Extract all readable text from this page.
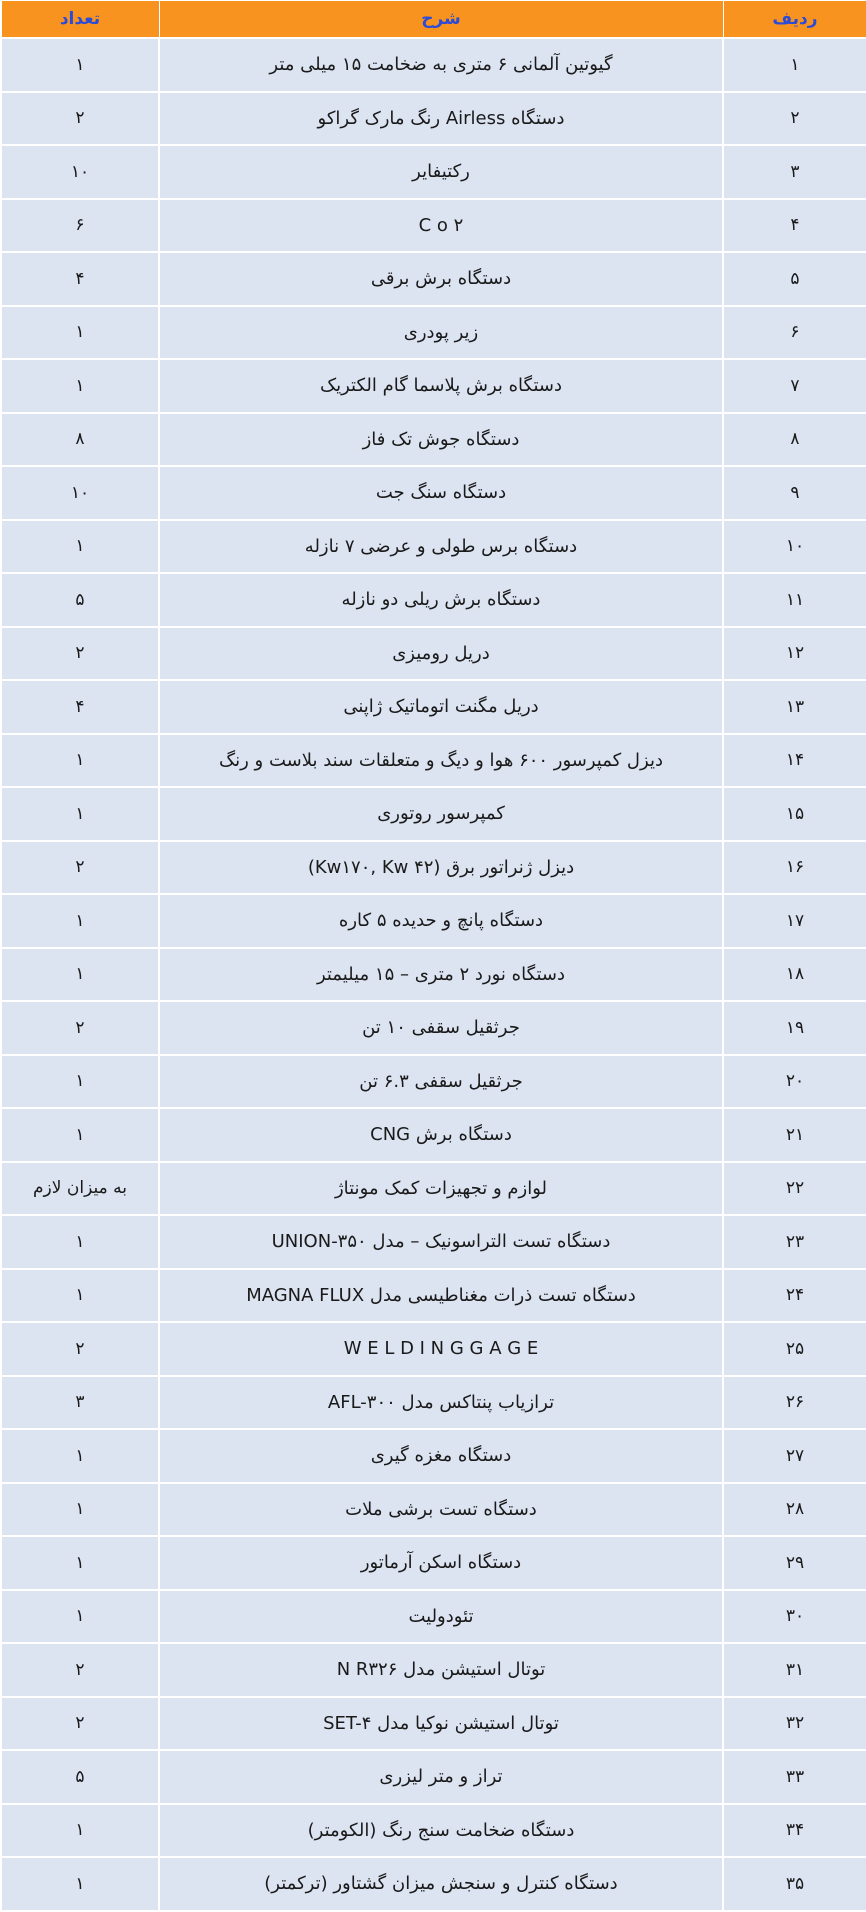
ردیف	شرح	تعداد
۱	گیوتین آلمانی ۶ متری به ضخامت ۱۵ میلی متر	۱
۲	دستگاه Airless رنگ مارک گراکو	۲
۳	رکتیفایر	۱۰
۴	C o ۲	۶
۵	دستگاه برش برقی	۴
۶	زیر پودری	۱
۷	دستگاه برش پلاسما گام الکتریک	۱
۸	دستگاه جوش تک فاز	۸
۹	دستگاه سنگ جت	۱۰
۱۰	دستگاه برس طولی و عرضی ۷ نازله	۱
۱۱	دستگاه برش ریلی دو نازله	۵
۱۲	دریل رومیزی	۲
۱۳	دریل مگنت اتوماتیک ژاپنی	۴
۱۴	دیزل کمپرسور ۶۰۰ هوا و دیگ و متعلقات سند بلاست و رنگ	۱
۱۵	کمپرسور روتوری	۱
۱۶	دیزل ژنراتور برق (Kw۱۷۰, Kw ۴۲)	۲
۱۷	دستگاه پانچ و حدیده ۵ کاره	۱
۱۸	دستگاه نورد ۲ متری – ۱۵ میلیمتر	۱
۱۹	جرثقیل سقفی ۱۰ تن	۲
۲۰	جرثقیل سقفی ۶.۳ تن	۱
۲۱	دستگاه برش CNG	۱
۲۲	لوازم و تجهیزات کمک مونتاژ	به میزان لازم
۲۳	دستگاه تست التراسونیک – مدل UNION-۳۵۰	۱
۲۴	دستگاه تست ذرات مغناطیسی مدل MAGNA FLUX	۱
۲۵	W E L D I N G G A G E	۲
۲۶	ترازیاب پنتاکس مدل AFL-۳۰۰	۳
۲۷	دستگاه مغزه گیری	۱
۲۸	دستگاه تست برشی ملات	۱
۲۹	دستگاه اسکن آرماتور	۱
۳۰	تئودولیت	۱
۳۱	توتال استیشن مدل N R۳۲۶	۲
۳۲	توتال استیشن نوکیا مدل SET-۴	۲
۳۳	تراز و متر لیزری	۵
۳۴	دستگاه ضخامت سنج رنگ (الکومتر)	۱
۳۵	دستگاه کنترل و سنجش میزان گشتاور (ترکمتر)	۱
